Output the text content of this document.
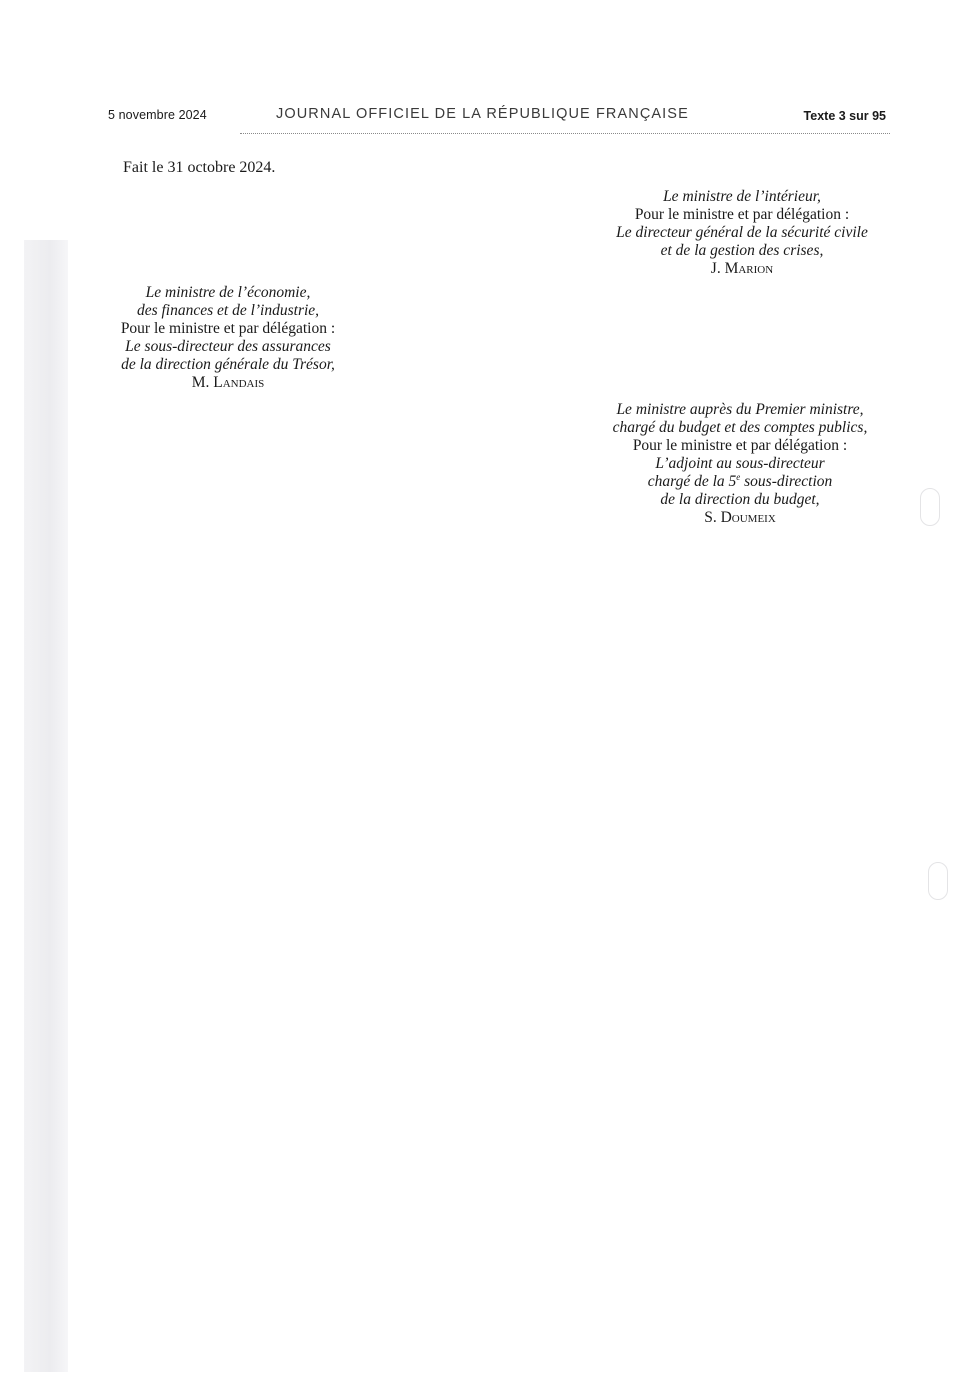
5 novembre 2024	JOURNAL OFFICIEL DE LA RÉPUBLIQUE FRANÇAISE	Texte 3 sur 95
Fait le 31 octobre 2024.
Le ministre de l’intérieur,
Pour le ministre et par délégation :
Le directeur général de la sécurité civile
et de la gestion des crises,
J. Marion
Le ministre de l’économie,
des finances et de l’industrie,
Pour le ministre et par délégation :
Le sous-directeur des assurances
de la direction générale du Trésor,
M. Landais
Le ministre auprès du Premier ministre,
chargé du budget et des comptes publics,
Pour le ministre et par délégation :
L’adjoint au sous-directeur
chargé de la 5e sous-direction
de la direction du budget,
S. Doumeix
